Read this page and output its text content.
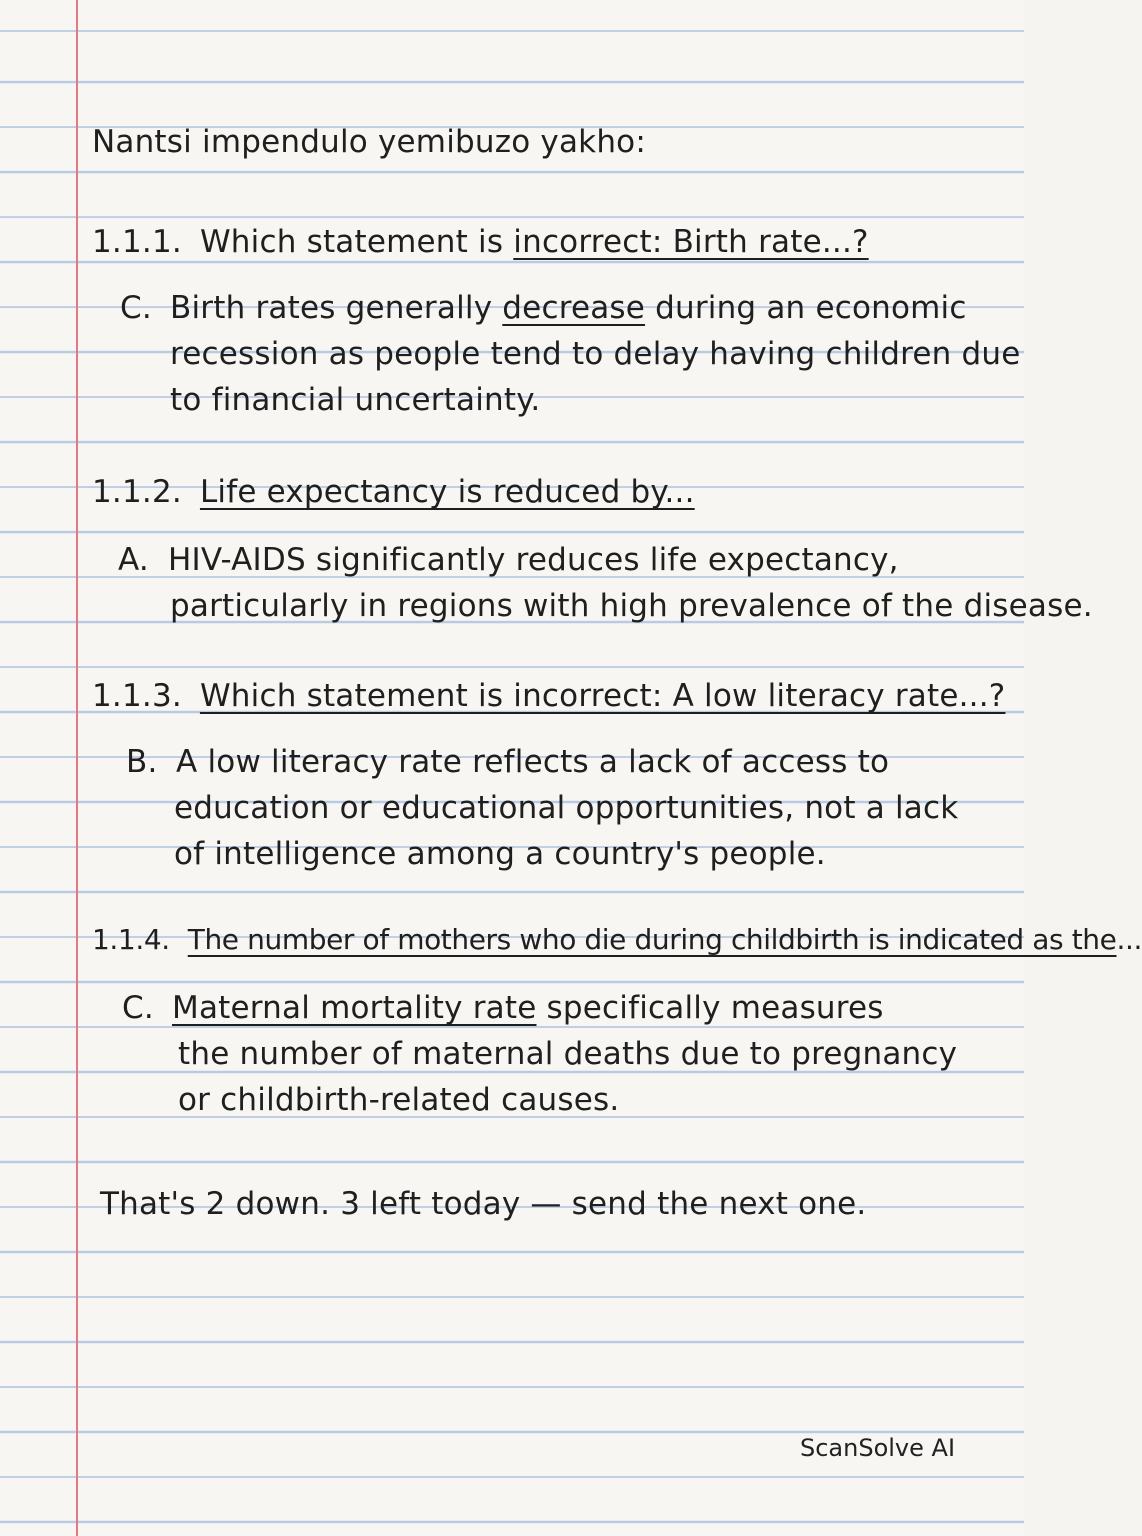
Nantsi impendulo yemibuzo yakho:
1.1.1. Which statement is incorrect: Birth rate...?
C. Birth rates generally decrease during an economic
recession as people tend to delay having children due
to financial uncertainty.
1.1.2. Life expectancy is reduced by...
A. HIV-AIDS significantly reduces life expectancy,
particularly in regions with high prevalence of the disease.
1.1.3. Which statement is incorrect: A low literacy rate...?
B. A low literacy rate reflects a lack of access to
education or educational opportunities, not a lack
of intelligence among a country's people.
1.1.4. The number of mothers who die during childbirth is indicated as the...
C. Maternal mortality rate specifically measures
the number of maternal deaths due to pregnancy
or childbirth-related causes.
That's 2 down. 3 left today — send the next one.
ScanSolve AI
